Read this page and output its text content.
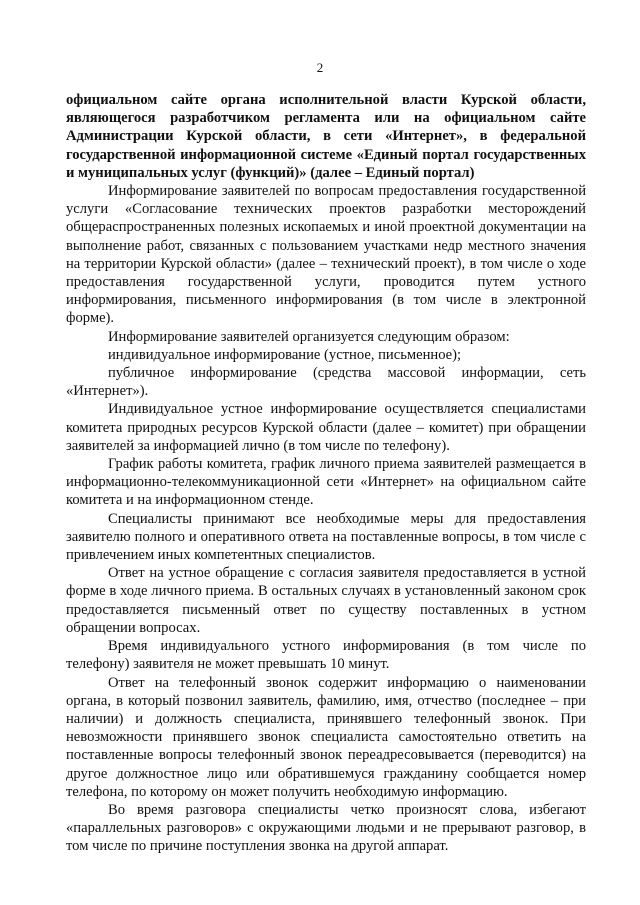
2

официальном сайте органа исполнительной власти Курской области, являющегося разработчиком регламента или на официальном сайте Администрации Курской области, в сети «Интернет», в федеральной государственной информационной системе «Единый портал государственных и муниципальных услуг (функций)» (далее – Единый портал)

Информирование заявителей по вопросам предоставления государственной услуги «Согласование технических проектов разработки месторождений общераспространенных полезных ископаемых и иной проектной документации на выполнение работ, связанных с пользованием участками недр местного значения на территории Курской области» (далее – технический проект), в том числе о ходе предоставления государственной услуги, проводится путем устного информирования, письменного информирования (в том числе в электронной форме).

Информирование заявителей организуется следующим образом:

индивидуальное информирование (устное, письменное);

публичное информирование (средства массовой информации, сеть «Интернет»).

Индивидуальное устное информирование осуществляется специалистами комитета природных ресурсов Курской области (далее – комитет) при обращении заявителей за информацией лично (в том числе по телефону).

График работы комитета, график личного приема заявителей размещается в информационно-телекоммуникационной сети «Интернет» на официальном сайте комитета и на информационном стенде.

Специалисты принимают все необходимые меры для предоставления заявителю полного и оперативного ответа на поставленные вопросы, в том числе с привлечением иных компетентных специалистов.

Ответ на устное обращение с согласия заявителя предоставляется в устной форме в ходе личного приема. В остальных случаях в установленный законом срок предоставляется письменный ответ по существу поставленных в устном обращении вопросах.

Время индивидуального устного информирования (в том числе по телефону) заявителя не может превышать 10 минут.

Ответ на телефонный звонок содержит информацию о наименовании органа, в который позвонил заявитель, фамилию, имя, отчество (последнее – при наличии) и должность специалиста, принявшего телефонный звонок. При невозможности принявшего звонок специалиста самостоятельно ответить на поставленные вопросы телефонный звонок переадресовывается (переводится) на другое должностное лицо или обратившемуся гражданину сообщается номер телефона, по которому он может получить необходимую информацию.

Во время разговора специалисты четко произносят слова, избегают «параллельных разговоров» с окружающими людьми и не прерывают разговор, в том числе по причине поступления звонка на другой аппарат.
